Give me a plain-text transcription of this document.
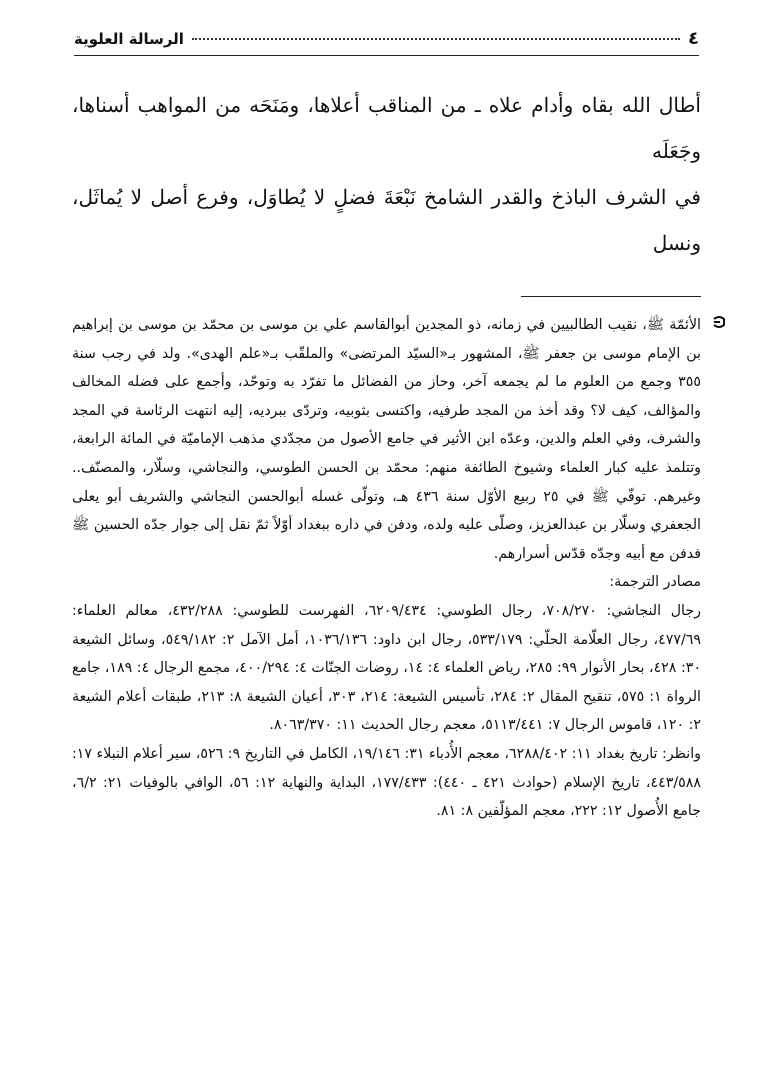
٤
الرسالة العلوية

أطال الله بقاه وأدام علاه ـ من المناقب أعلاها، ومَنَحَه من المواهب أسناها، وجَعَلَه

في الشرف الباذخ والقدر الشامخ نَبْعَةَ فضلٍ لا يُطاوَل، وفرع أصل لا يُماثَل، ونسل

الأئمّة ﷺ، نقيب الطالبيين في زمانه، ذو المجدين أبوالقاسم علي بن موسى بن محمّد بن موسى بن إبراهيم بن الإمام موسى بن جعفر ﷺ، المشهور بـ«السيّد المرتضى» والملقّب بـ«علم الهدى». ولد في رجب سنة ٣٥٥ وجمع من العلوم ما لم يجمعه آخر، وحاز من الفضائل ما تفرّد به وتوحّد، وأجمع على فضله المخالف والمؤالف، كيف لا؟ وقد أخذ من المجد طرفيه، واكتسى بثوبيه، وتردّى ببرديه، إليه انتهت الرئاسة في المجد والشرف، وفي العلم والدين، وعدّه ابن الأثير في جامع الأصول من مجدّدي مذهب الإماميّة في المائة الرابعة، وتتلمذ عليه كبار العلماء وشيوخ الطائفة منهم: محمّد بن الحسن الطوسي، والنجاشي، وسلّار، والمصنّف.. وغيرهم. توفّي ﷺ في ٢٥ ربيع الأوّل سنة ٤٣٦ هـ، وتولّى غسله أبوالحسن النجاشي والشريف أبو يعلى الجعفري وسلّار بن عبدالعزيز، وصلّى عليه ولده، ودفن في داره ببغداد أوّلاً ثمّ نقل إلى جوار جدّه الحسين ﷺ فدفن مع أبيه وجدّه قدّس أسرارهم.

مصادر الترجمة:

رجال النجاشي: ٧٠٨/٢٧٠، رجال الطوسي: ٦٢٠٩/٤٣٤، الفهرست للطوسي: ٤٣٢/٢٨٨، معالم العلماء: ٤٧٧/٦٩، رجال العلّامة الحلّي: ٥٣٣/١٧٩، رجال ابن داود: ١٠٣٦/١٣٦، أمل الآمل ٢: ٥٤٩/١٨٢، وسائل الشيعة ٣٠: ٤٢٨، بحار الأنوار ٩٩: ٢٨٥، رياض العلماء ٤: ١٤، روضات الجنّات ٤: ٤٠٠/٢٩٤، مجمع الرجال ٤: ١٨٩، جامع الرواة ١: ٥٧٥، تنقيح المقال ٢: ٢٨٤، تأسيس الشيعة: ٢١٤، ٣٠٣، أعيان الشيعة ٨: ٢١٣، طبقات أعلام الشيعة ٢: ١٢٠، قاموس الرجال ٧: ٥١١٣/٤٤١، معجم رجال الحديث ١١: ٨٠٦٣/٣٧٠.

وانظر: تاريخ بغداد ١١: ٦٢٨٨/٤٠٢، معجم الأُدباء ٣١: ١٩/١٤٦، الكامل في التاريخ ٩: ٥٢٦، سير أعلام النبلاء ١٧: ٤٤٣/٥٨٨، تاريخ الإسلام (حوادث ٤٢١ ـ ٤٤٠): ١٧٧/٤٣٣، البداية والنهاية ١٢: ٥٦، الوافي بالوفيات ٢١: ٦/٢، جامع الأُصول ١٢: ٢٢٢، معجم المؤلّفين ٨: ٨١.
